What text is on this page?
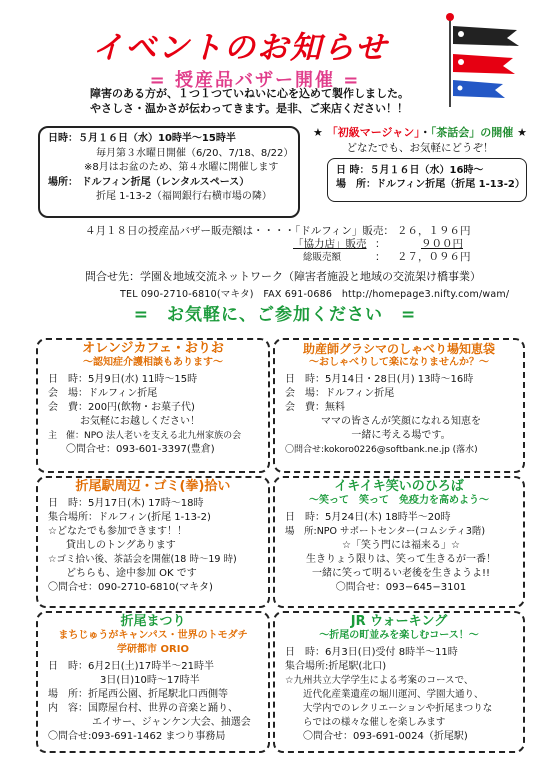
イベントのお知らせ
= 授産品バザー開催 =
障害のある方が、１つ１つていねいに心を込めて製作しました。
やさしさ・温かさが伝わってきます。是非、ご来店ください！！
日時：５月１６日（水）10時半〜15時半
毎月第３水曜日開催（6/20、7/18、8/22）
※8月はお盆のため、第４水曜に開催します
場所： ドルフィン折尾（レンタルスペース）
折尾 1-13-2（福岡銀行右横市場の隣）
★ 「初級マージャン」・「茶話会」の開催 ★
どなたでも、お気軽にどうぞ！
日 時：５月１６日（水）16時〜
場　所：ドルフィン折尾（折尾 1-13-2）
４月１８日の授産品バザー販売額は・・・・「ドルフィン」販売： ２６，１９６円
「協力店」販売 ：	９００円
総販売額	： ２７，０９６円
問合せ先：学園＆地域交流ネットワーク（障害者施設と地域の交流架け橋事業）
TEL 090-2710-6810(マキタ)　FAX 691-0686　http://homepage3.nifty.com/wam/
=　お気軽に、ご参加ください　=
オレンジカフェ・おりお
〜認知症介護相談もあります〜
日　時：5月9日(水) 11時〜15時
会　場：ドルフィン折尾
会　費：200円(飲物・お菓子代)
お気軽にお越しください！
主　催：NPO 法人老いを支える北九州家族の会
〇問合せ：093-601-3397(豊倉)
助産師グラシマのしゃべり場知恵袋
〜おしゃべりして楽になりませんか？〜
日　時：5月14日・28日(月) 13時〜16時
会　場：ドルフィン折尾
会　費：無料
ママの皆さんが笑顔になれる知恵を
一緒に考える場です。
〇問合せ:kokoro0226@softbank.ne.jp (落水)
折尾駅周辺・ゴミ(拳)拾い
日　時：5月17日(木) 17時〜18時
集合場所：ドルフィン(折尾 1-13-2)
☆どなたでも参加できます！！
貸出しのトングあります
☆ゴミ拾い後、茶話会を開催(18 時〜19 時)
どちらも、途中参加 OK です
〇問合せ：090-2710-6810(マキタ)
イキイキ笑いのひろば
〜笑って　笑って　免疫力を高めよう〜
日　時：5月24日(木) 18時半〜20時
場　所:NPO サポートセンター(コムシティ3階)
☆「笑う門には福来る」☆
生きりょう限りは、笑って生きるが一番！
一緒に笑って明るい老後を生きようよ!!
〇問合せ：093−645−3101
折尾まつり
まちじゅうがキャンパス・世界のトモダチ
学研都市 ORIO
日　時：6月2日(土)17時半〜21時半
3日(日)10時〜17時半
場　所：折尾西公園、折尾駅北口西側等
内　容：国際屋台村、世界の音楽と踊り、
エイサー、ジャンケン大会、抽選会
〇問合せ:093-691-1462 まつり事務局
JR ウォーキング
〜折尾の町並みを楽しむコース！〜
日　時：6月3日(日)受付 8時半〜11時
集合場所:折尾駅(北口)
☆九州共立大学学生による考案のコースで、
近代化産業遺産の堀川運河、学園大通り、
大学内でのレクリエーションや折尾まつりな
らではの様々な催しを楽しみます
〇問合せ：093-691-0024（折尾駅)
